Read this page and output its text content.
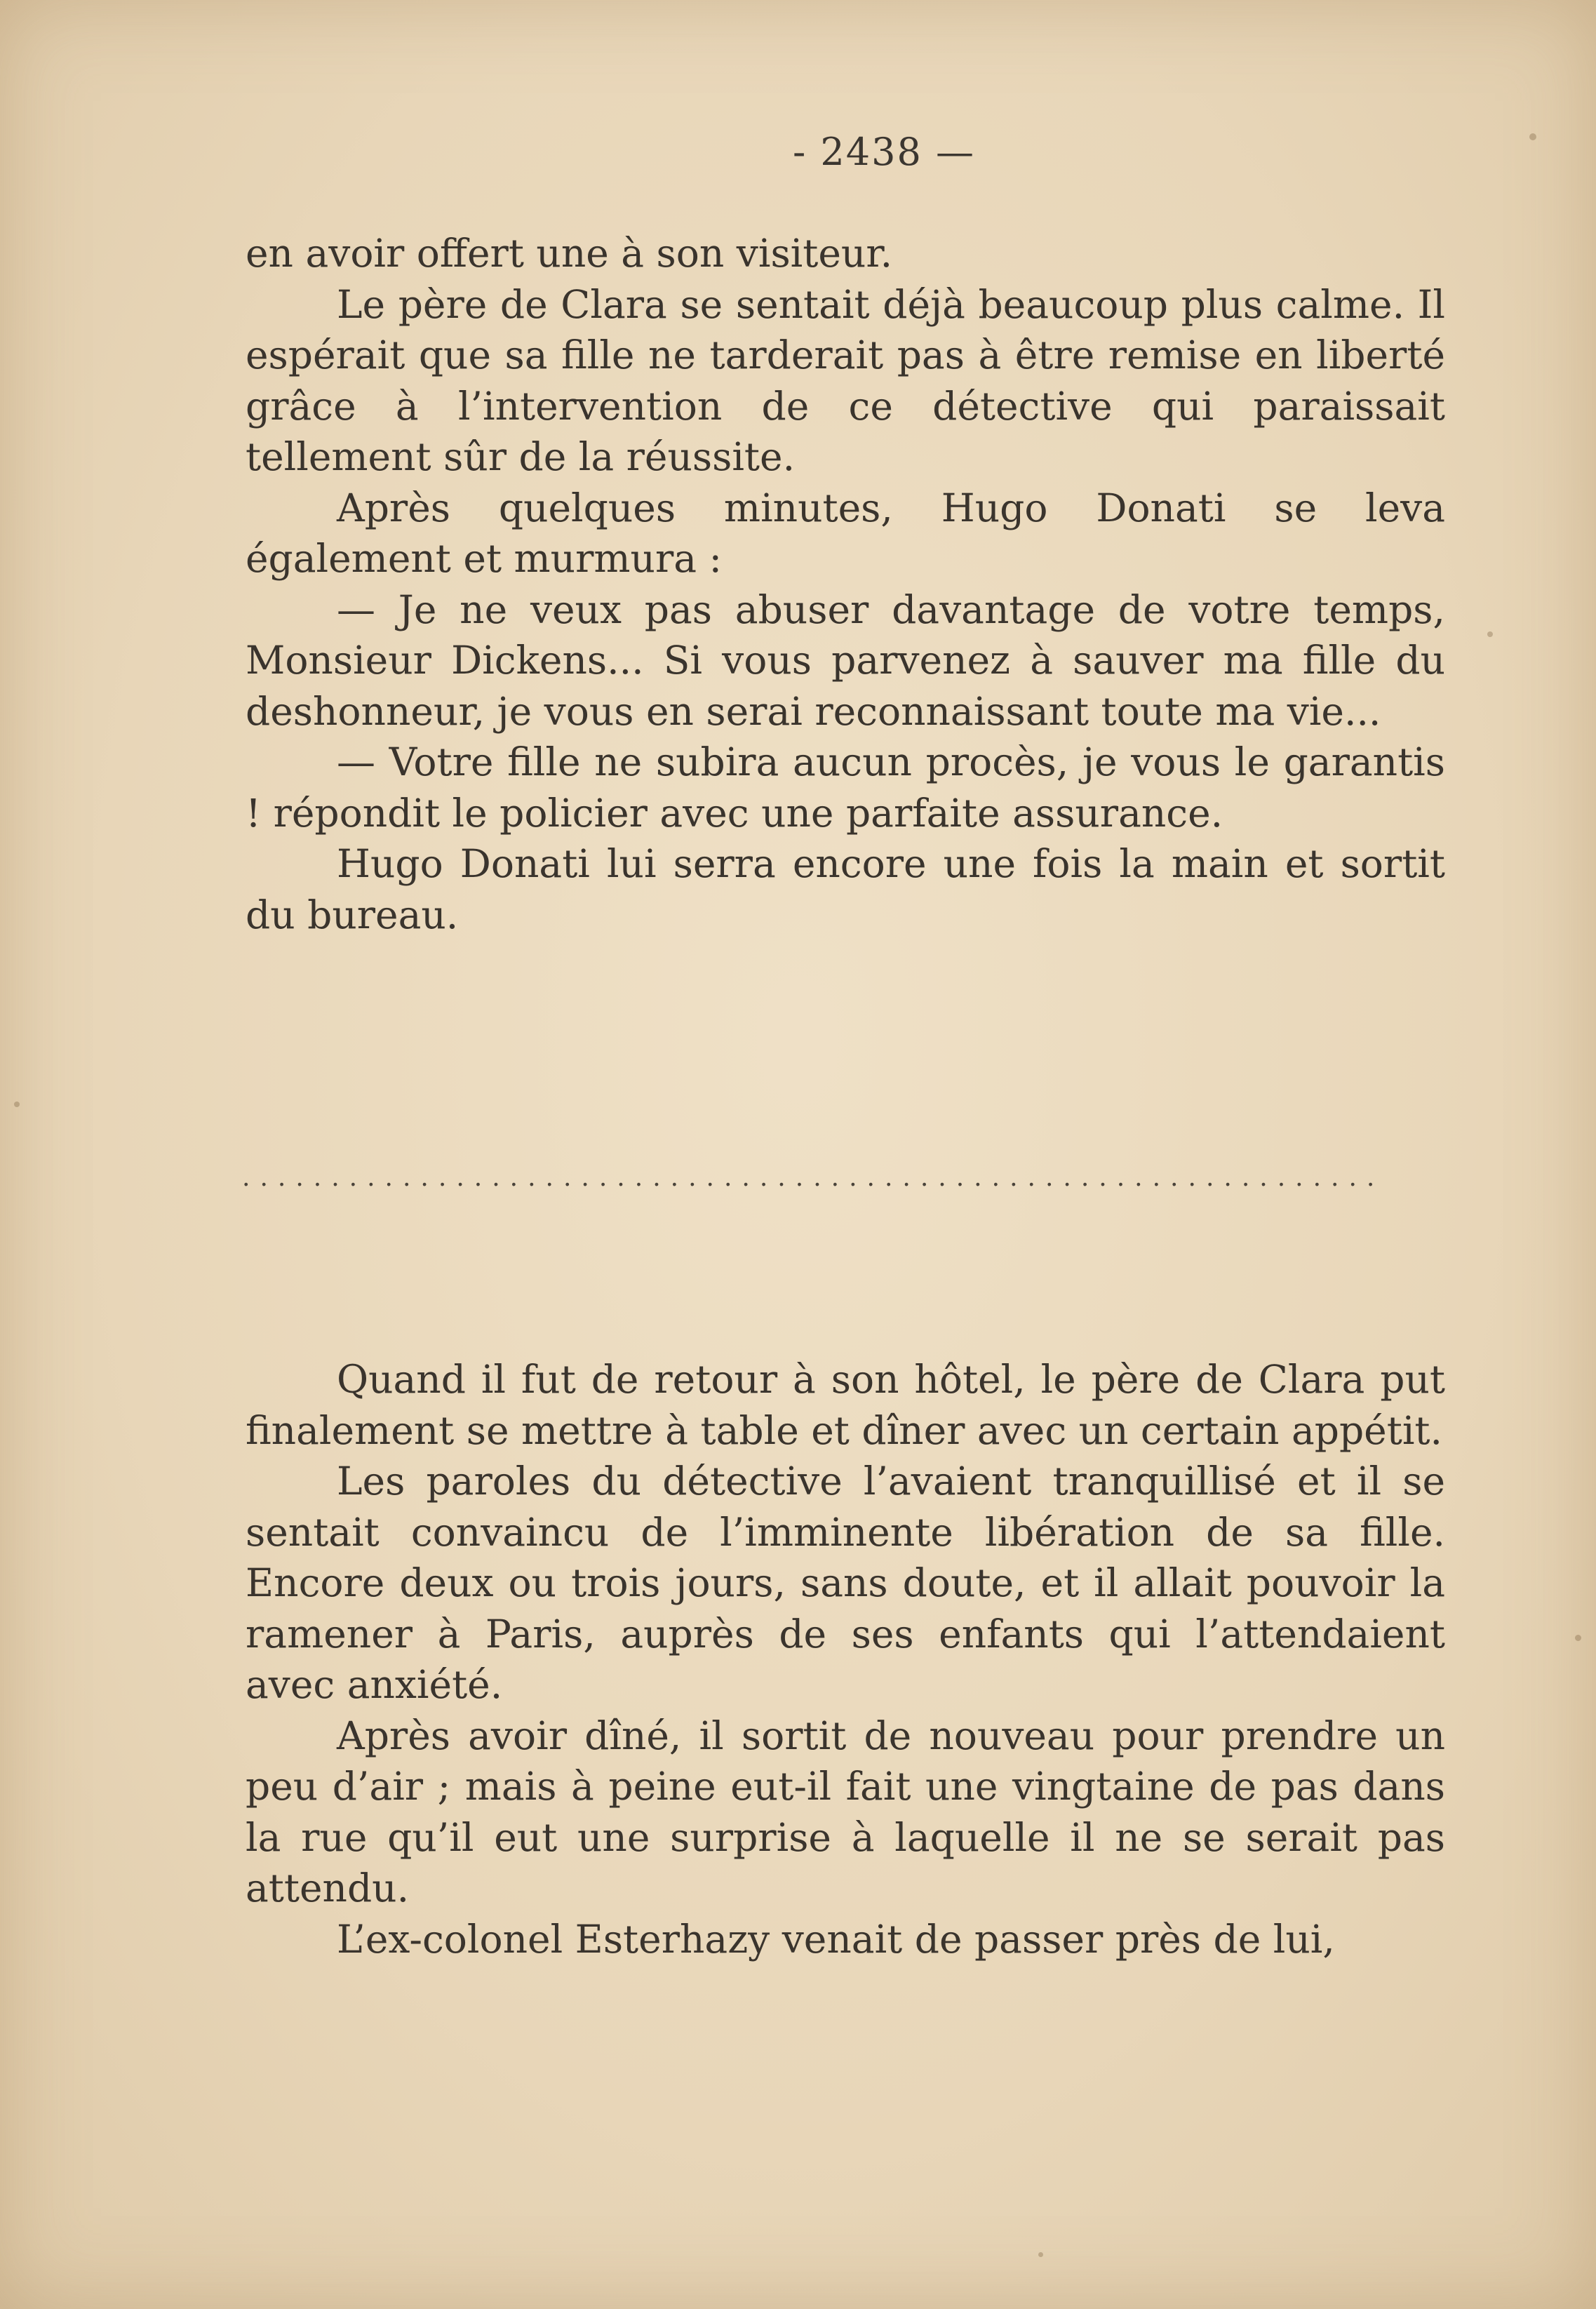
- 2438 —

en avoir offert une à son visiteur.

Le père de Clara se sentait déjà beaucoup plus calme. Il espérait que sa fille ne tarderait pas à être remise en liberté grâce à l’intervention de ce détective qui paraissait tellement sûr de la réussite.

Après quelques minutes, Hugo Donati se leva également et murmura :

— Je ne veux pas abuser davantage de votre temps, Monsieur Dickens... Si vous parvenez à sauver ma fille du deshonneur, je vous en serai reconnaissant toute ma vie...

— Votre fille ne subira aucun procès, je vous le garantis ! répondit le policier avec une parfaite assurance.

Hugo Donati lui serra encore une fois la main et sortit du bureau.

................................................................

Quand il fut de retour à son hôtel, le père de Clara put finalement se mettre à table et dîner avec un certain appétit.

Les paroles du détective l’avaient tranquillisé et il se sentait convaincu de l’imminente libération de sa fille. Encore deux ou trois jours, sans doute, et il allait pouvoir la ramener à Paris, auprès de ses enfants qui l’attendaient avec anxiété.

Après avoir dîné, il sortit de nouveau pour prendre un peu d’air ; mais à peine eut-il fait une vingtaine de pas dans la rue qu’il eut une surprise à laquelle il ne se serait pas attendu.

L’ex-colonel Esterhazy venait de passer près de lui,
